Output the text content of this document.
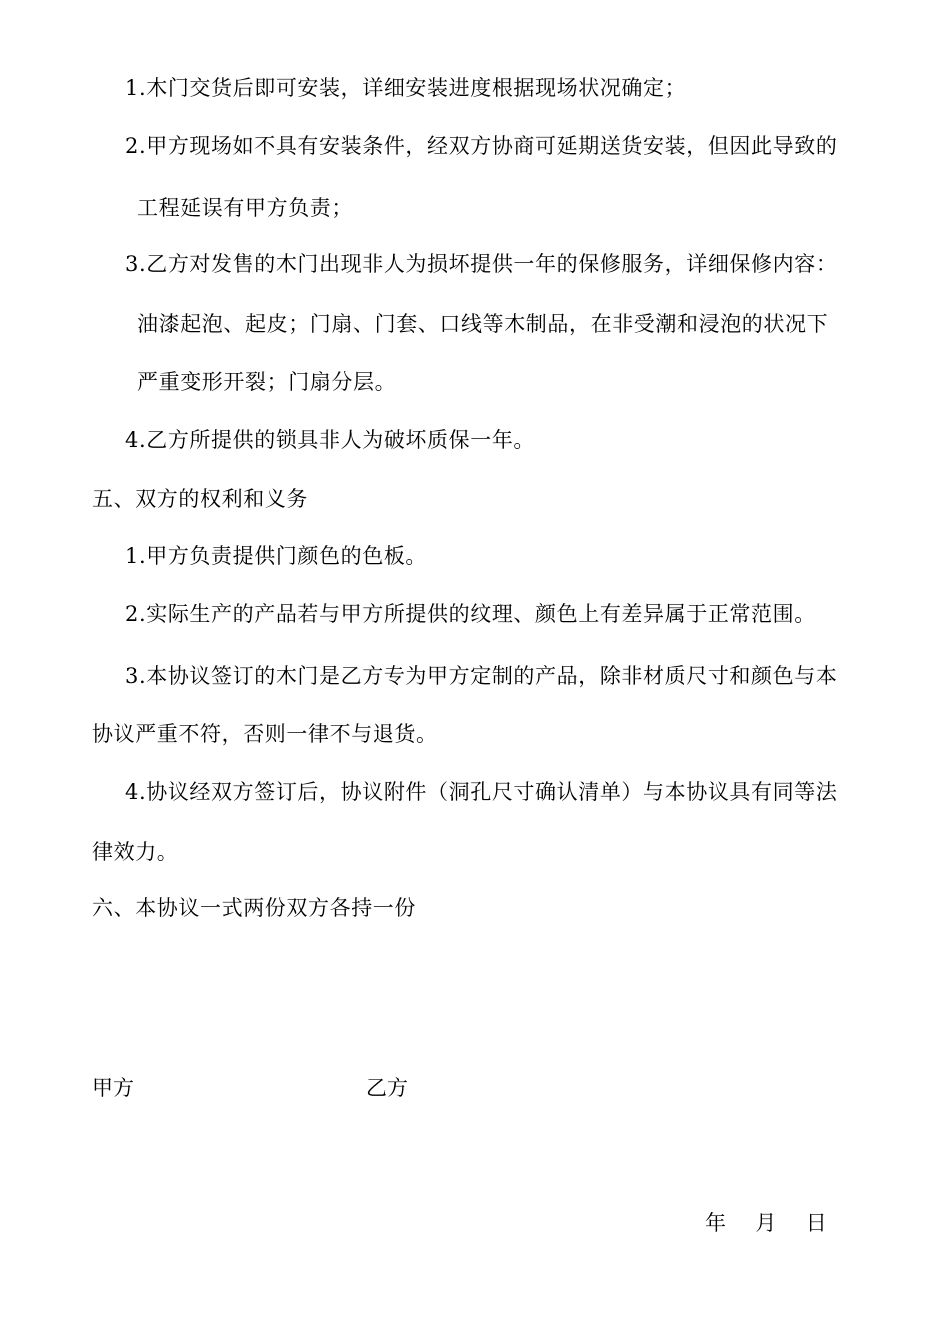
1.木门交货后即可安装，详细安装进度根据现场状况确定；
2.甲方现场如不具有安装条件，经双方协商可延期送货安装，但因此导致的
工程延误有甲方负责；
3.乙方对发售的木门出现非人为损坏提供一年的保修服务，详细保修内容：
油漆起泡、起皮；门扇、门套、口线等木制品，在非受潮和浸泡的状况下
严重变形开裂；门扇分层。
4.乙方所提供的锁具非人为破坏质保一年。
五、双方的权利和义务
1.甲方负责提供门颜色的色板。
2.实际生产的产品若与甲方所提供的纹理、颜色上有差异属于正常范围。
3.本协议签订的木门是乙方专为甲方定制的产品，除非材质尺寸和颜色与本
协议严重不符，否则一律不与退货。
4.协议经双方签订后，协议附件（洞孔尺寸确认清单）与本协议具有同等法
律效力。
六、本协议一式两份双方各持一份
甲方	乙方
年 月 日
